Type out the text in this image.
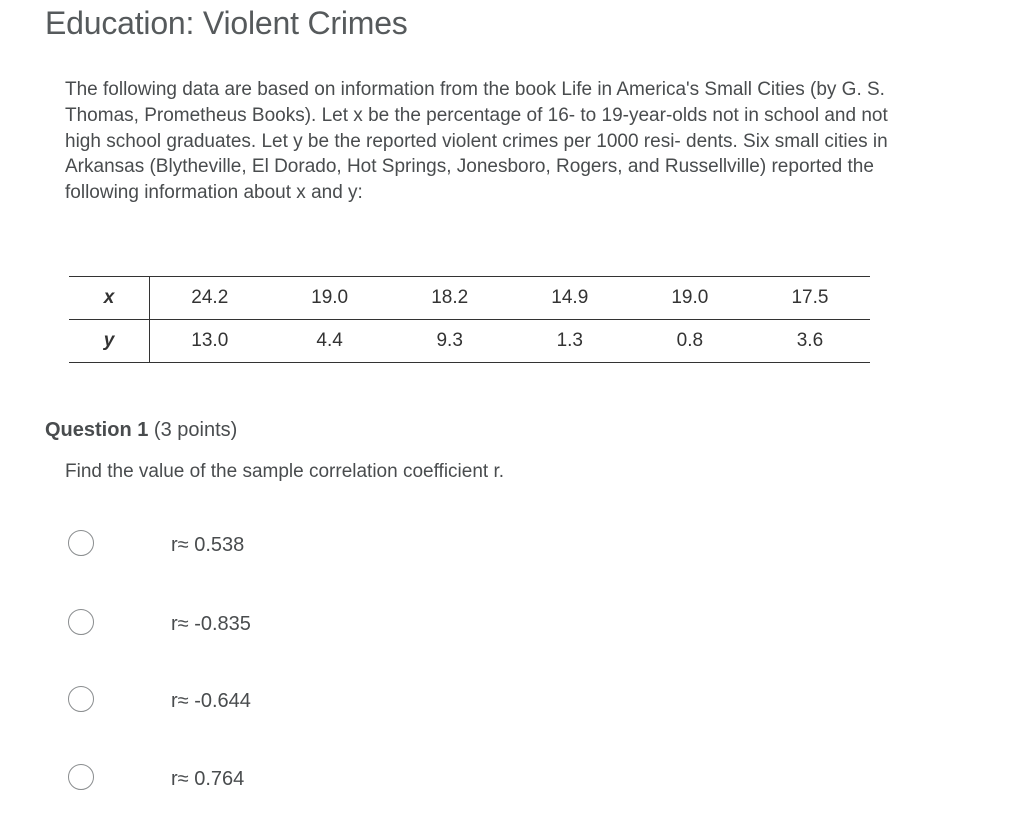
Education: Violent Crimes
The following data are based on information from the book Life in America's Small Cities (by G. S. Thomas, Prometheus Books). Let x be the percentage of 16- to 19-year-olds not in school and not high school graduates. Let y be the reported violent crimes per 1000 resi- dents. Six small cities in Arkansas (Blytheville, El Dorado, Hot Springs, Jonesboro, Rogers, and Russellville) reported the following information about x and y:
x	24.2	19.0	18.2	14.9	19.0	17.5
y	13.0	4.4	9.3	1.3	0.8	3.6
Question 1 (3 points)
Find the value of the sample correlation coefficient r.
r≈ 0.538
r≈ -0.835
r≈ -0.644
r≈ 0.764
